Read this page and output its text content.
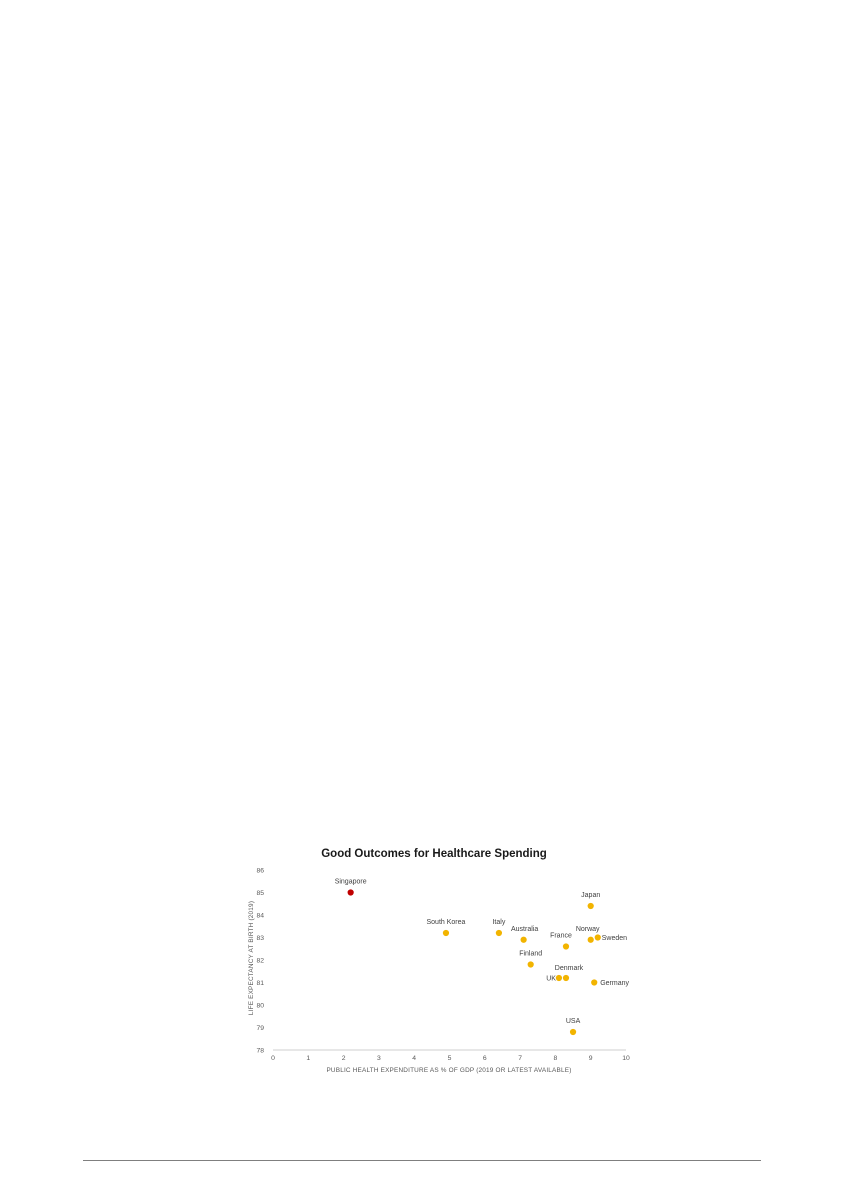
Good Outcomes for Healthcare Spending
78
79
80
81
82
83
84
85
86
0	1	2	3	4	5	6	7	8	9	10
Singapore
South Korea	Italy
Australia
Finland
France
Japan
Norway
Sweden
Denmark
UK
Germany
USA
PUBLIC HEALTH EXPENDITURE AS % OF GDP (2019 OR LATEST AVAILABLE)
LIFE EXPECTANCY AT BIRTH (2019)
